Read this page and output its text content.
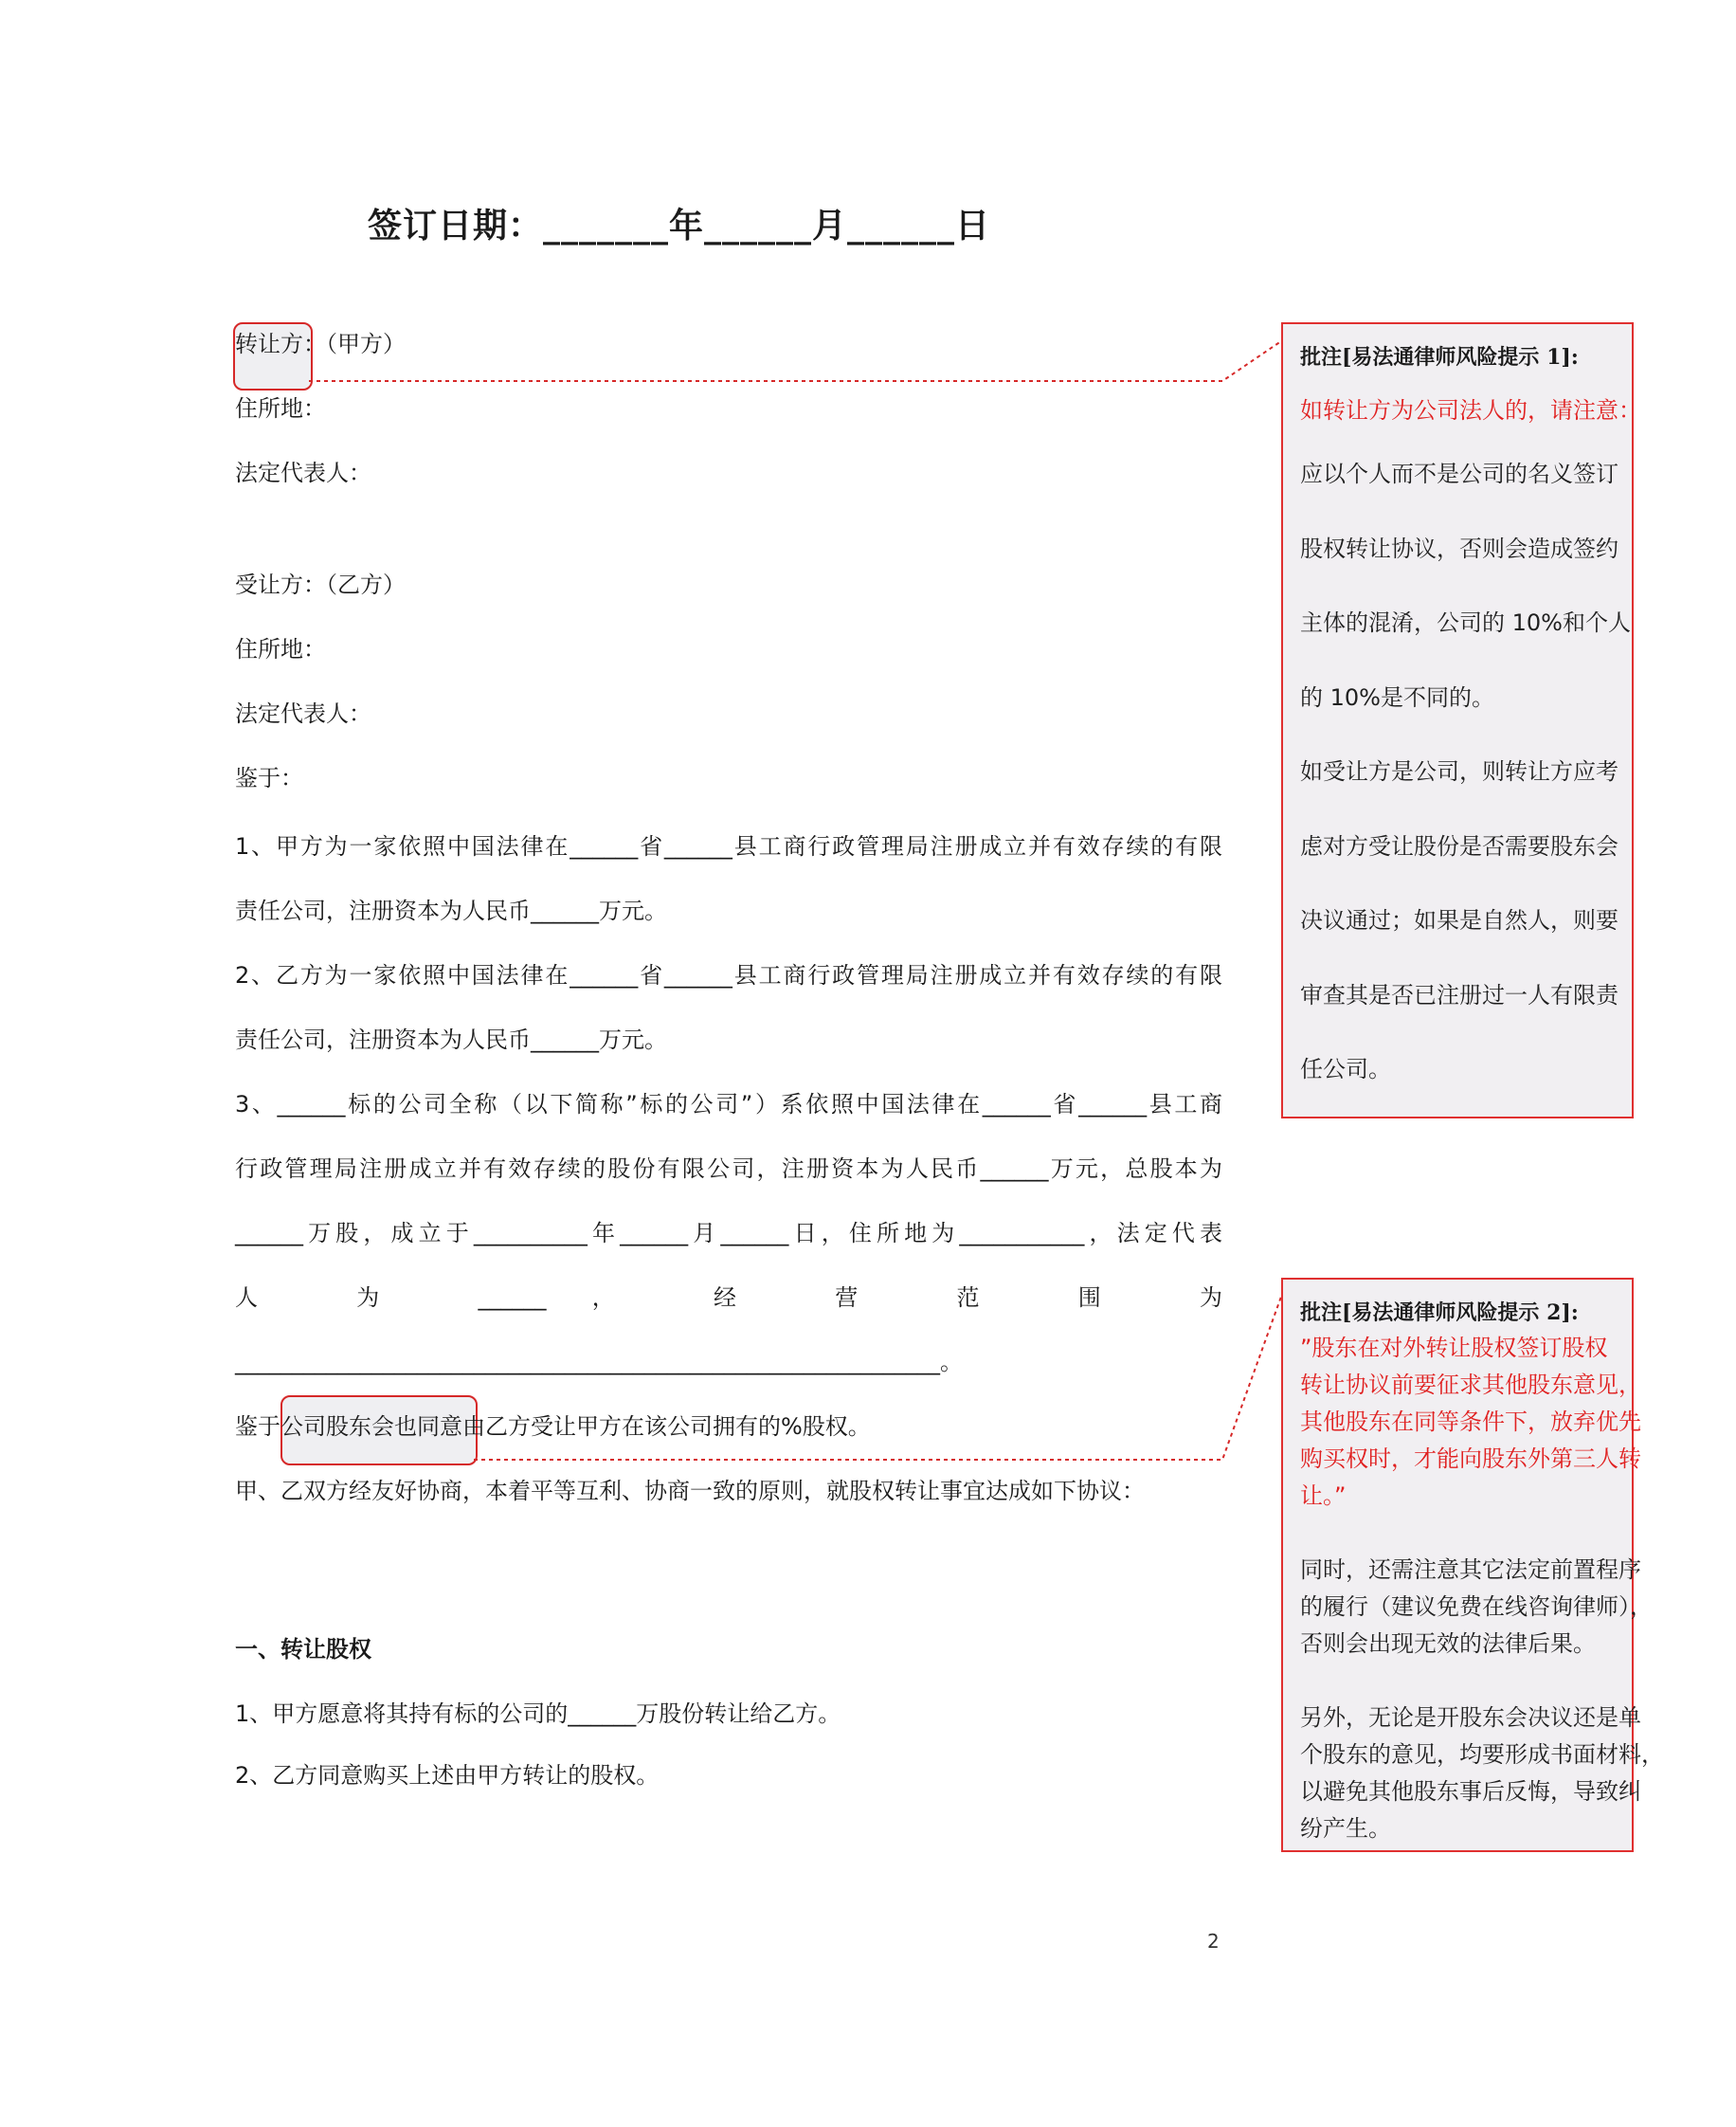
签订日期：_______年______月______日
转让方：（甲方）
住所地：
法定代表人：
受让方：（乙方）
住所地：
法定代表人：
鉴于：
1、甲方为一家依照中国法律在______省______县工商行政管理局注册成立并有效存续的有限
责任公司，注册资本为人民币______万元。
2、乙方为一家依照中国法律在______省______县工商行政管理局注册成立并有效存续的有限
责任公司，注册资本为人民币______万元。
3、______标的公司全称（以下简称”标的公司”）系依照中国法律在______省______县工商
行政管理局注册成立并有效存续的股份有限公司，注册资本为人民币______万元，总股本为
______万股，成立于__________年______月______日，住所地为___________，法定代表
人 为 ______， 经 营 范 围 为
______________________________________________________________。
鉴于公司股东会也同意由乙方受让甲方在该公司拥有的%股权。
甲、乙双方经友好协商，本着平等互利、协商一致的原则，就股权转让事宜达成如下协议：
一、转让股权
1、甲方愿意将其持有标的公司的______万股份转让给乙方。
2、乙方同意购买上述由甲方转让的股权。
批注[易法通律师风险提示 1]:
如转让方为公司法人的，请注意：
应以个人而不是公司的名义签订
股权转让协议，否则会造成签约
主体的混淆，公司的 10%和个人
的 10%是不同的。
如受让方是公司，则转让方应考
虑对方受让股份是否需要股东会
决议通过；如果是自然人，则要
审查其是否已注册过一人有限责
任公司。
批注[易法通律师风险提示 2]:
”股东在对外转让股权签订股权
转让协议前要征求其他股东意见，
其他股东在同等条件下，放弃优先
购买权时，才能向股东外第三人转
让。”
同时，还需注意其它法定前置程序
的履行（建议免费在线咨询律师），
否则会出现无效的法律后果。
另外，无论是开股东会决议还是单
个股东的意见，均要形成书面材料，
以避免其他股东事后反悔，导致纠
纷产生。
2
